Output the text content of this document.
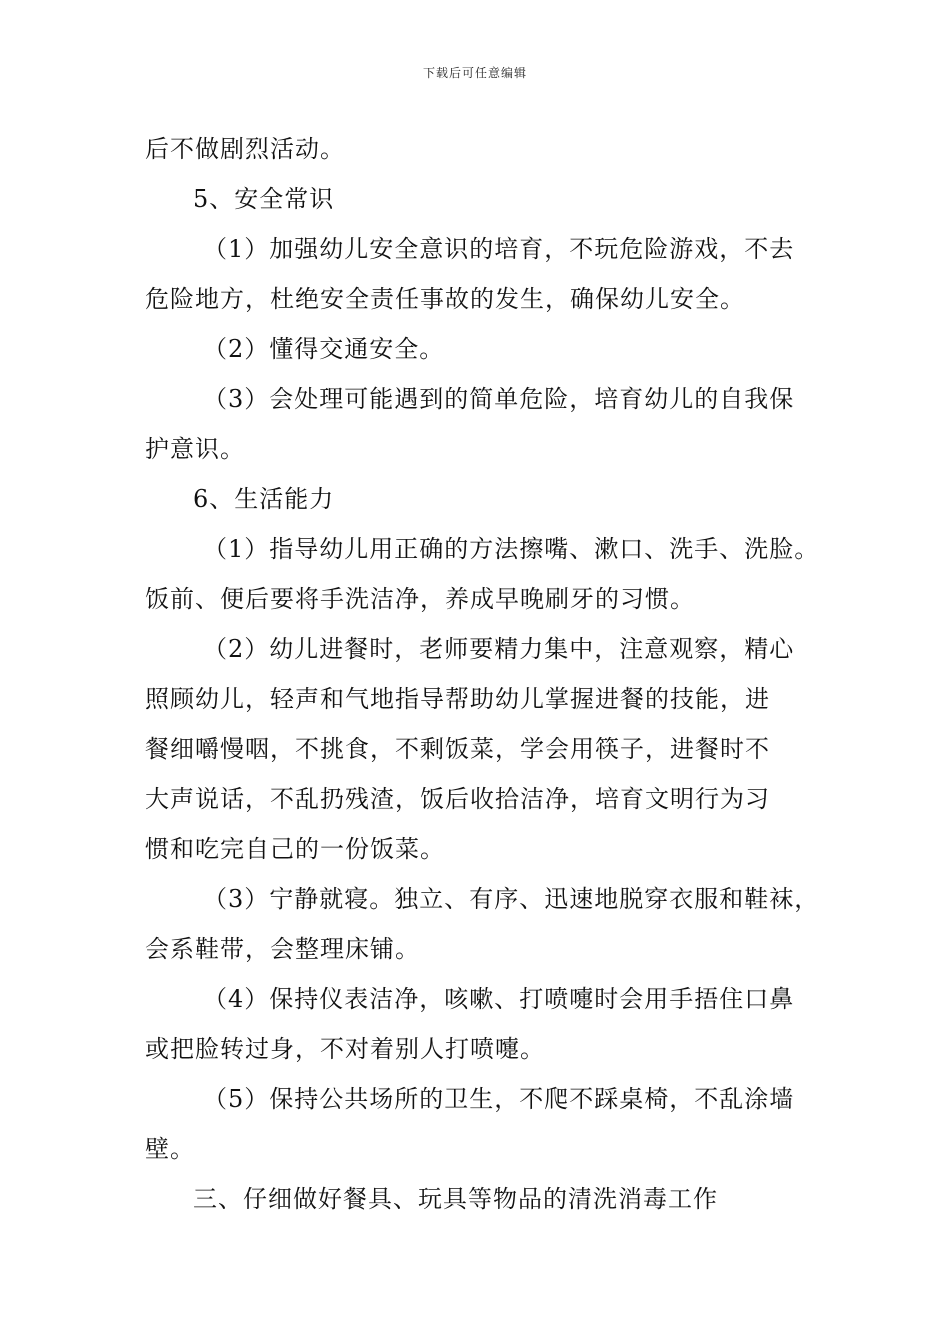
下载后可任意编辑
后不做剧烈活动。
5、安全常识
（1）加强幼儿安全意识的培育，不玩危险游戏，不去
危险地方，杜绝安全责任事故的发生，确保幼儿安全。
（2）懂得交通安全。
（3）会处理可能遇到的简单危险，培育幼儿的自我保
护意识。
6、生活能力
（1）指导幼儿用正确的方法擦嘴、漱口、洗手、洗脸。
饭前、便后要将手洗洁净，养成早晚刷牙的习惯。
（2）幼儿进餐时，老师要精力集中，注意观察，精心
照顾幼儿，轻声和气地指导帮助幼儿掌握进餐的技能，进
餐细嚼慢咽，不挑食，不剩饭菜，学会用筷子，进餐时不
大声说话，不乱扔残渣，饭后收拾洁净，培育文明行为习
惯和吃完自己的一份饭菜。
（3）宁静就寝。独立、有序、迅速地脱穿衣服和鞋袜，
会系鞋带，会整理床铺。
（4）保持仪表洁净，咳嗽、打喷嚏时会用手捂住口鼻
或把脸转过身，不对着别人打喷嚏。
（5）保持公共场所的卫生，不爬不踩桌椅，不乱涂墙
壁。
三、仔细做好餐具、玩具等物品的清洗消毒工作
